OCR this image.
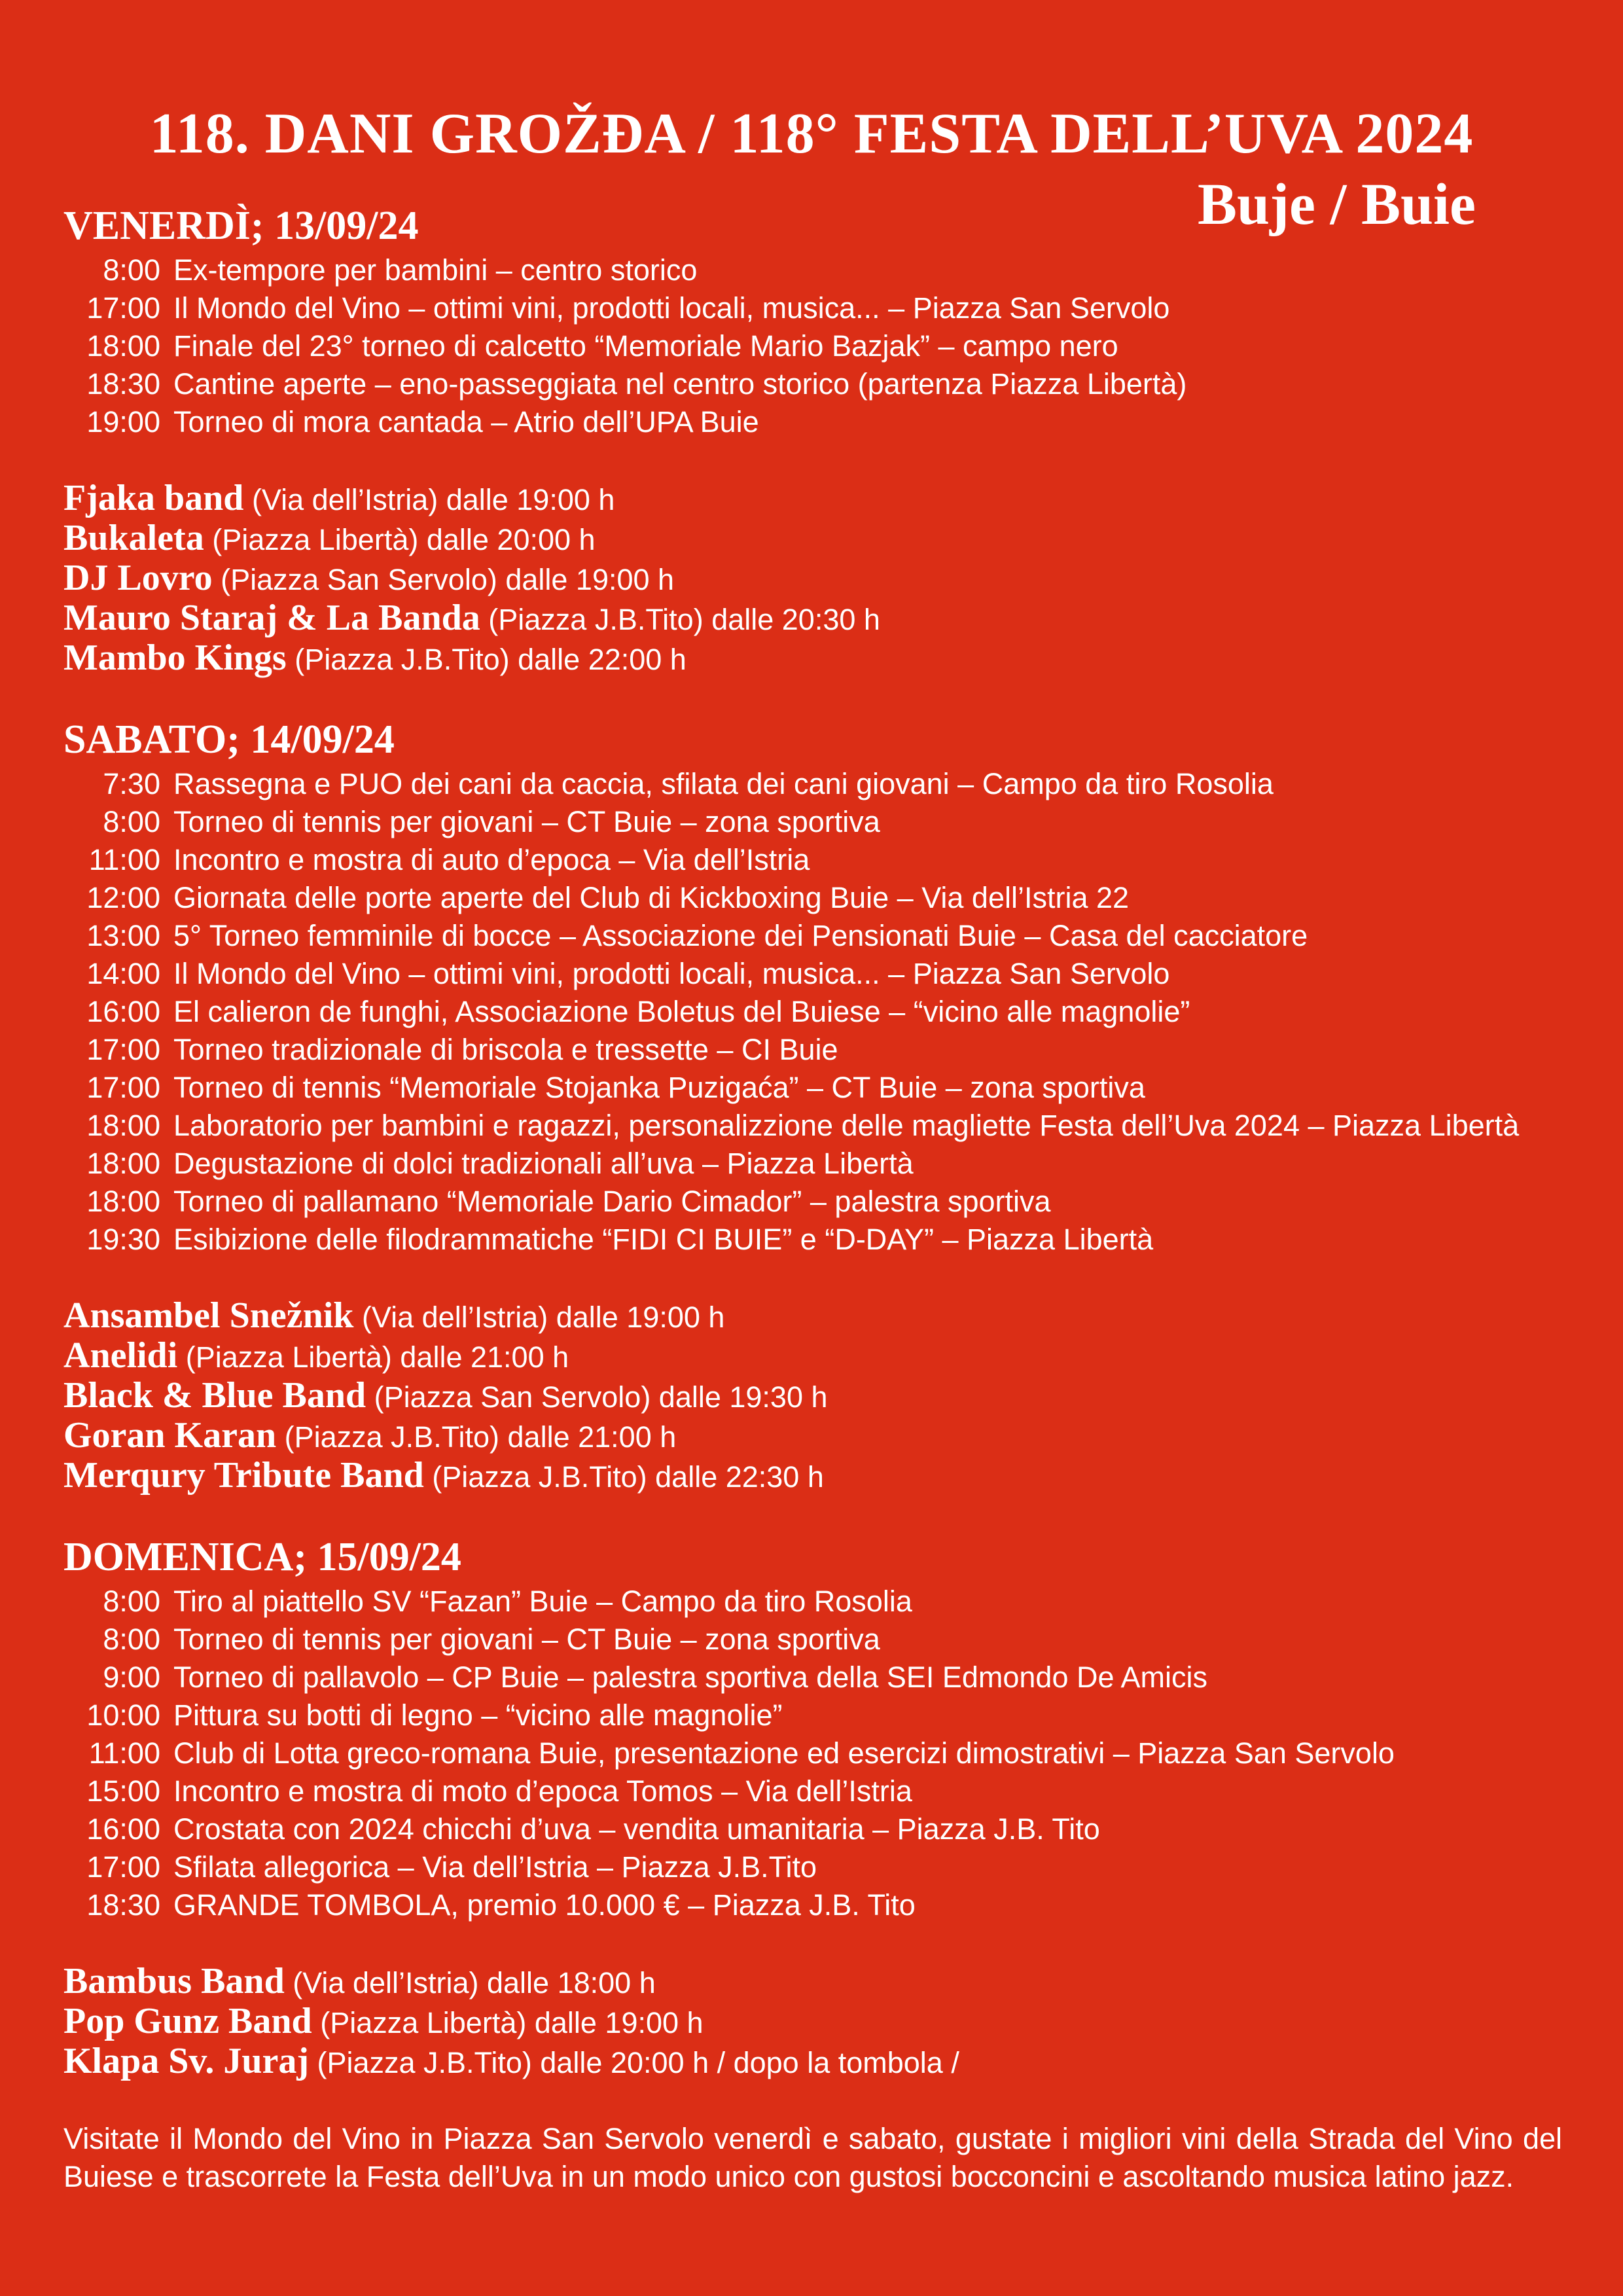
118. DANI GROŽĐA / 118° FESTA DELL’UVA 2024
Buje / Buie
VENERDÌ; 13/09/24
8:00 Ex-tempore per bambini – centro storico
17:00 Il Mondo del Vino – ottimi vini, prodotti locali, musica... – Piazza San Servolo
18:00 Finale del 23° torneo di calcetto “Memoriale Mario Bazjak” – campo nero
18:30 Cantine aperte – eno-passeggiata nel centro storico (partenza Piazza Libertà)
19:00 Torneo di mora cantada – Atrio dell’UPA Buie
Fjaka band (Via dell’Istria) dalle 19:00 h
Bukaleta (Piazza Libertà) dalle 20:00 h
DJ Lovro (Piazza San Servolo) dalle 19:00 h
Mauro Staraj & La Banda (Piazza J.B.Tito) dalle 20:30 h
Mambo Kings (Piazza J.B.Tito) dalle 22:00 h
SABATO; 14/09/24
7:30 Rassegna e PUO dei cani da caccia, sfilata dei cani giovani – Campo da tiro Rosolia
8:00 Torneo di tennis per giovani – CT Buie – zona sportiva
11:00 Incontro e mostra di auto d’epoca – Via dell’Istria
12:00 Giornata delle porte aperte del Club di Kickboxing Buie – Via dell’Istria 22
13:00 5° Torneo femminile di bocce – Associazione dei Pensionati Buie – Casa del cacciatore
14:00 Il Mondo del Vino – ottimi vini, prodotti locali, musica... – Piazza San Servolo
16:00 El calieron de funghi, Associazione Boletus del Buiese – “vicino alle magnolie”
17:00 Torneo tradizionale di briscola e tressette – CI Buie
17:00 Torneo di tennis “Memoriale Stojanka Puzigaća” – CT Buie – zona sportiva
18:00 Laboratorio per bambini e ragazzi, personalizzione delle magliette Festa dell’Uva 2024 – Piazza Libertà
18:00 Degustazione di dolci tradizionali all’uva – Piazza Libertà
18:00 Torneo di pallamano “Memoriale Dario Cimador” – palestra sportiva
19:30 Esibizione delle filodrammatiche “FIDI CI BUIE” e “D-DAY” – Piazza Libertà
Ansambel Snežnik (Via dell’Istria) dalle 19:00 h
Anelidi (Piazza Libertà) dalle 21:00 h
Black & Blue Band (Piazza San Servolo) dalle 19:30 h
Goran Karan (Piazza J.B.Tito) dalle 21:00 h
Merqury Tribute Band (Piazza J.B.Tito) dalle 22:30 h
DOMENICA; 15/09/24
8:00 Tiro al piattello SV “Fazan” Buie – Campo da tiro Rosolia
8:00 Torneo di tennis per giovani – CT Buie – zona sportiva
9:00 Torneo di pallavolo – CP Buie – palestra sportiva della SEI Edmondo De Amicis
10:00 Pittura su botti di legno – “vicino alle magnolie”
11:00 Club di Lotta greco-romana Buie, presentazione ed esercizi dimostrativi – Piazza San Servolo
15:00 Incontro e mostra di moto d’epoca Tomos – Via dell’Istria
16:00 Crostata con 2024 chicchi d’uva – vendita umanitaria – Piazza J.B. Tito
17:00 Sfilata allegorica – Via dell’Istria – Piazza J.B.Tito
18:30 GRANDE TOMBOLA, premio 10.000 € – Piazza J.B. Tito
Bambus Band (Via dell’Istria) dalle 18:00 h
Pop Gunz Band (Piazza Libertà) dalle 19:00 h
Klapa Sv. Juraj (Piazza J.B.Tito) dalle 20:00 h / dopo la tombola /
Visitate il Mondo del Vino in Piazza San Servolo venerdì e sabato, gustate i migliori vini della Strada del Vino del Buiese e trascorrete la Festa dell’Uva in un modo unico con gustosi bocconcini e ascoltando musica latino jazz.
